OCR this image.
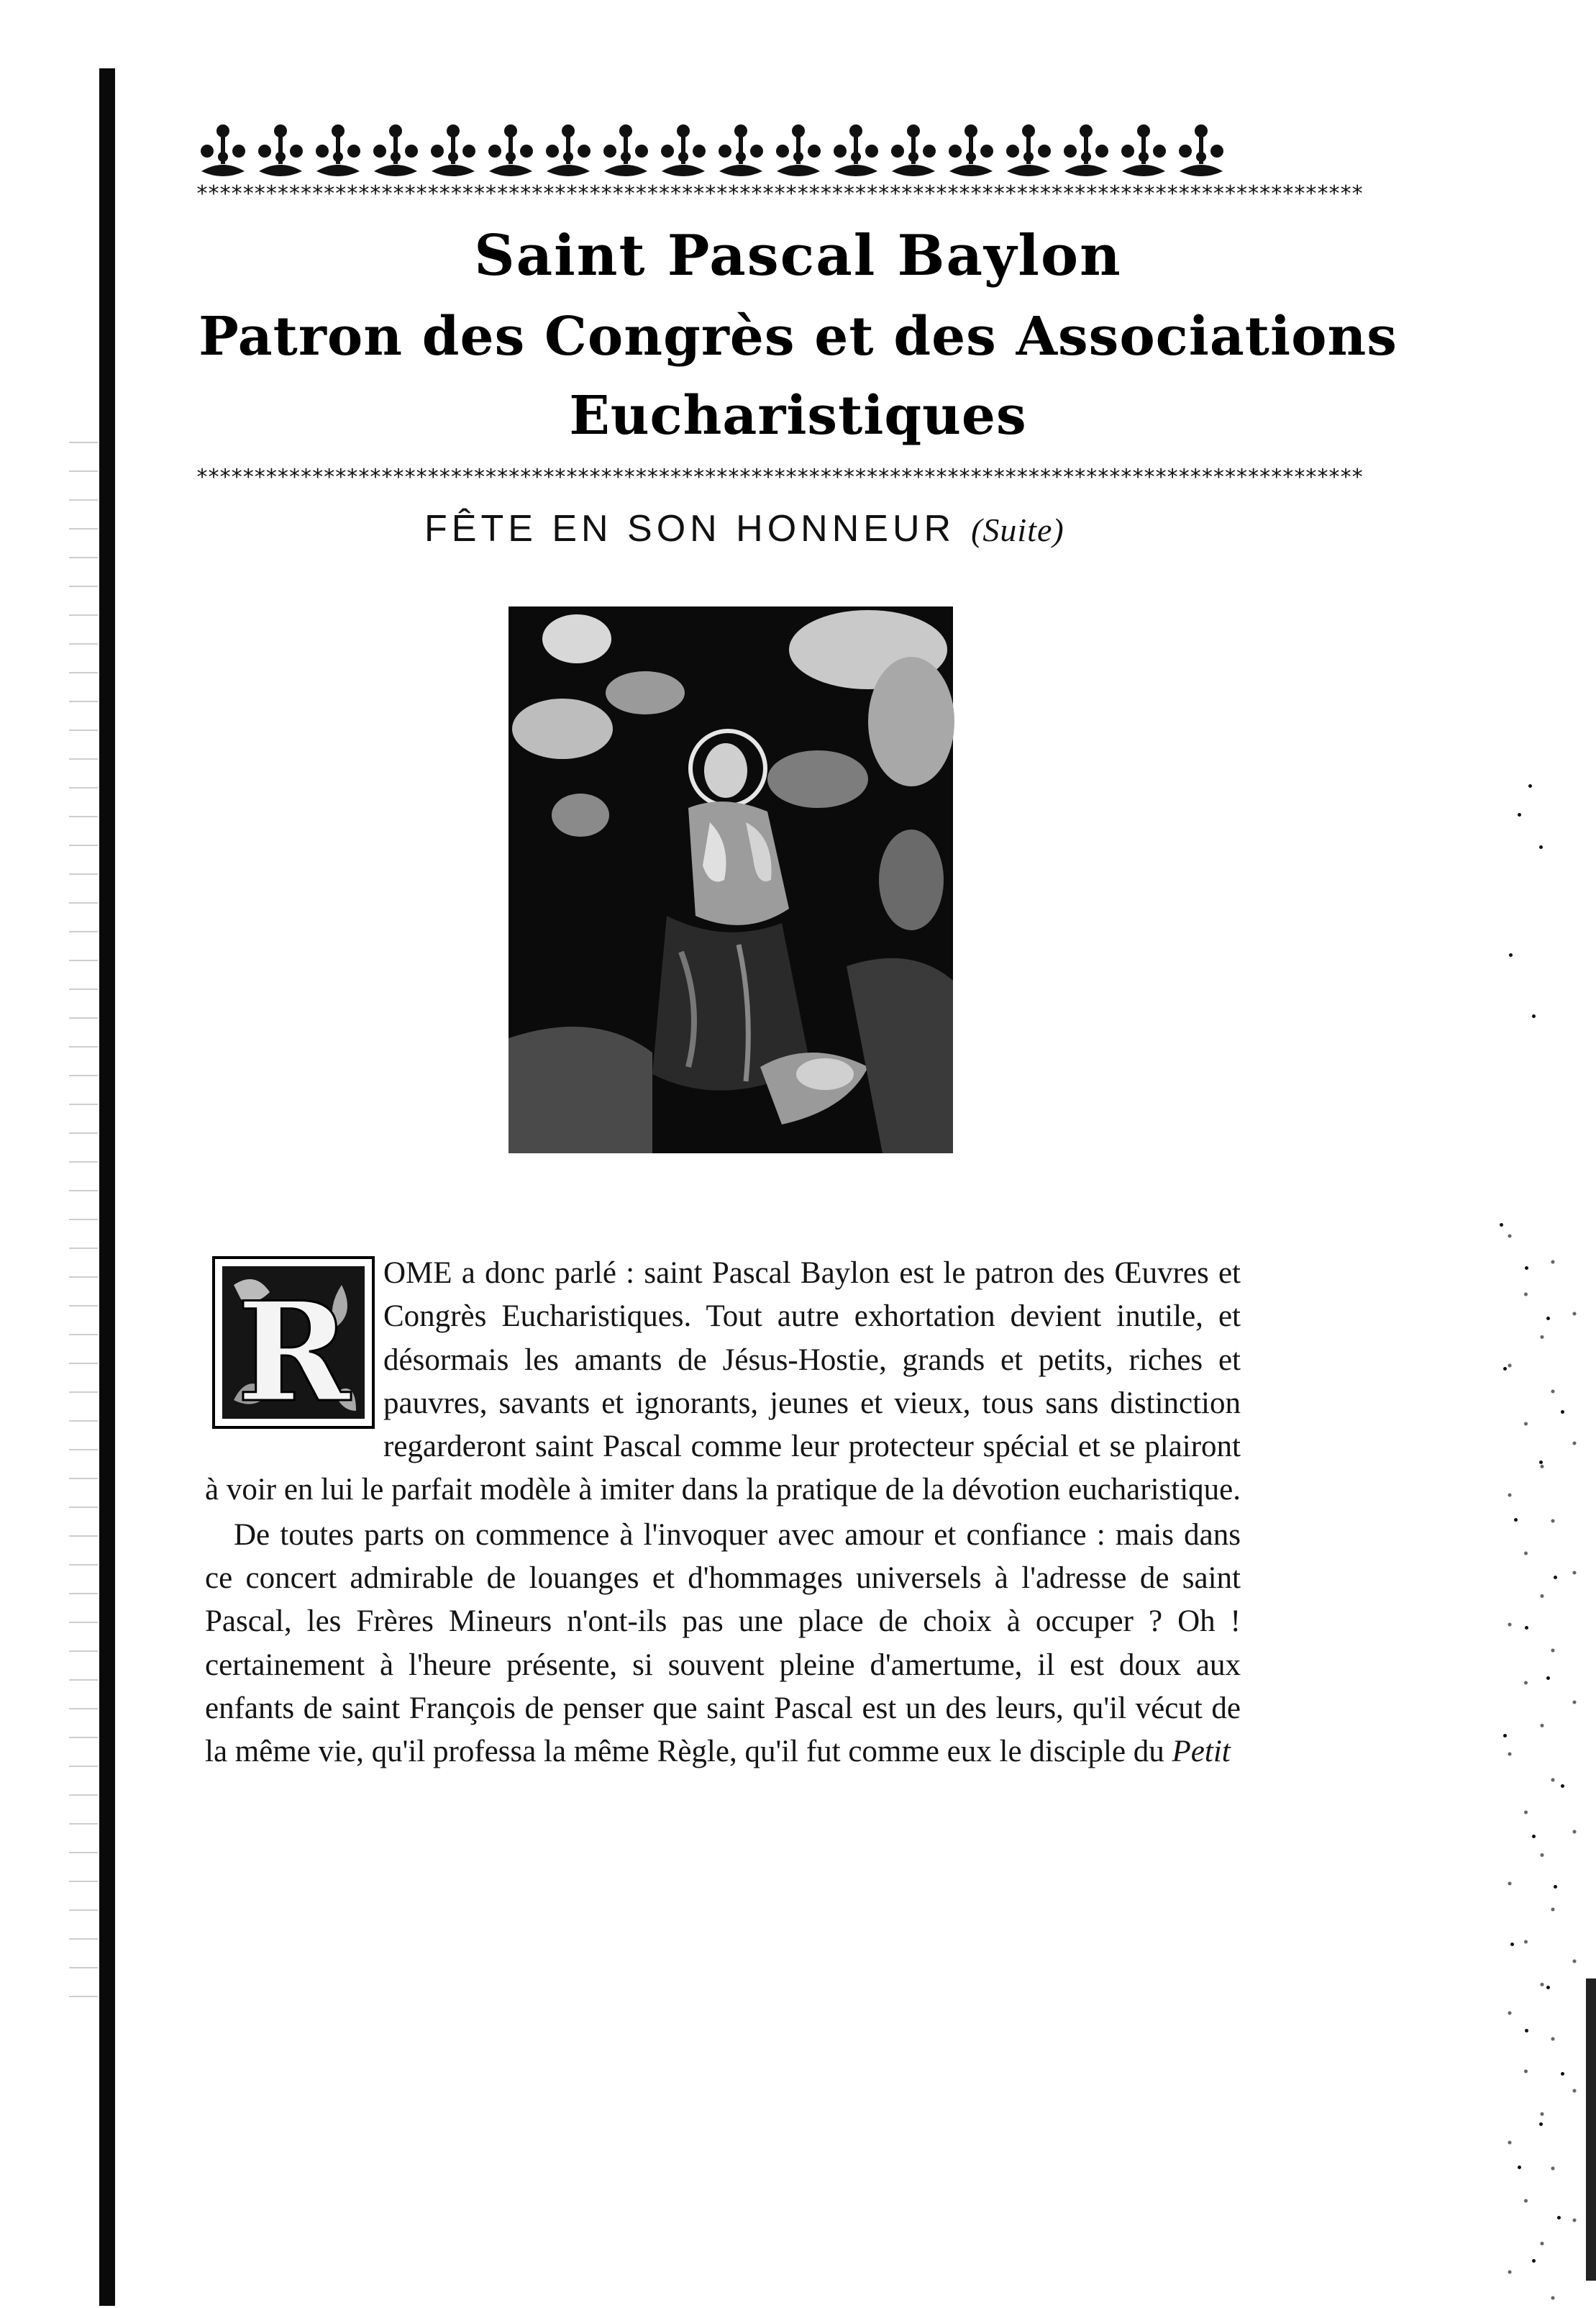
*****************************************************************************************************
Saint Pascal Baylon
Patron des Congrès et des Associations
Eucharistiques
*****************************************************************************************************
FÊTE EN SON HONNEUR (Suite)
R	OME a donc parlé : saint Pascal Baylon est le patron des Œuvres et Congrès Eucharistiques. Tout autre exhortation devient inutile, et désormais les amants de Jésus-Hostie, grands et petits, riches et pauvres, savants et ignorants, jeunes et vieux, tous sans distinction regarderont saint Pascal comme leur protecteur spécial et se plairont à voir en lui le parfait modèle à imiter dans la pratique de la dévotion eucharistique.

De toutes parts on commence à l'invoquer avec amour et confiance : mais dans ce concert admirable de louanges et d'hommages universels à l'adresse de saint Pascal, les Frères Mineurs n'ont-ils pas une place de choix à occuper ? Oh ! certainement à l'heure présente, si souvent pleine d'amertume, il est doux aux enfants de saint François de penser que saint Pascal est un des leurs, qu'il vécut de la même vie, qu'il professa la même Règle, qu'il fut comme eux le disciple du Petit
